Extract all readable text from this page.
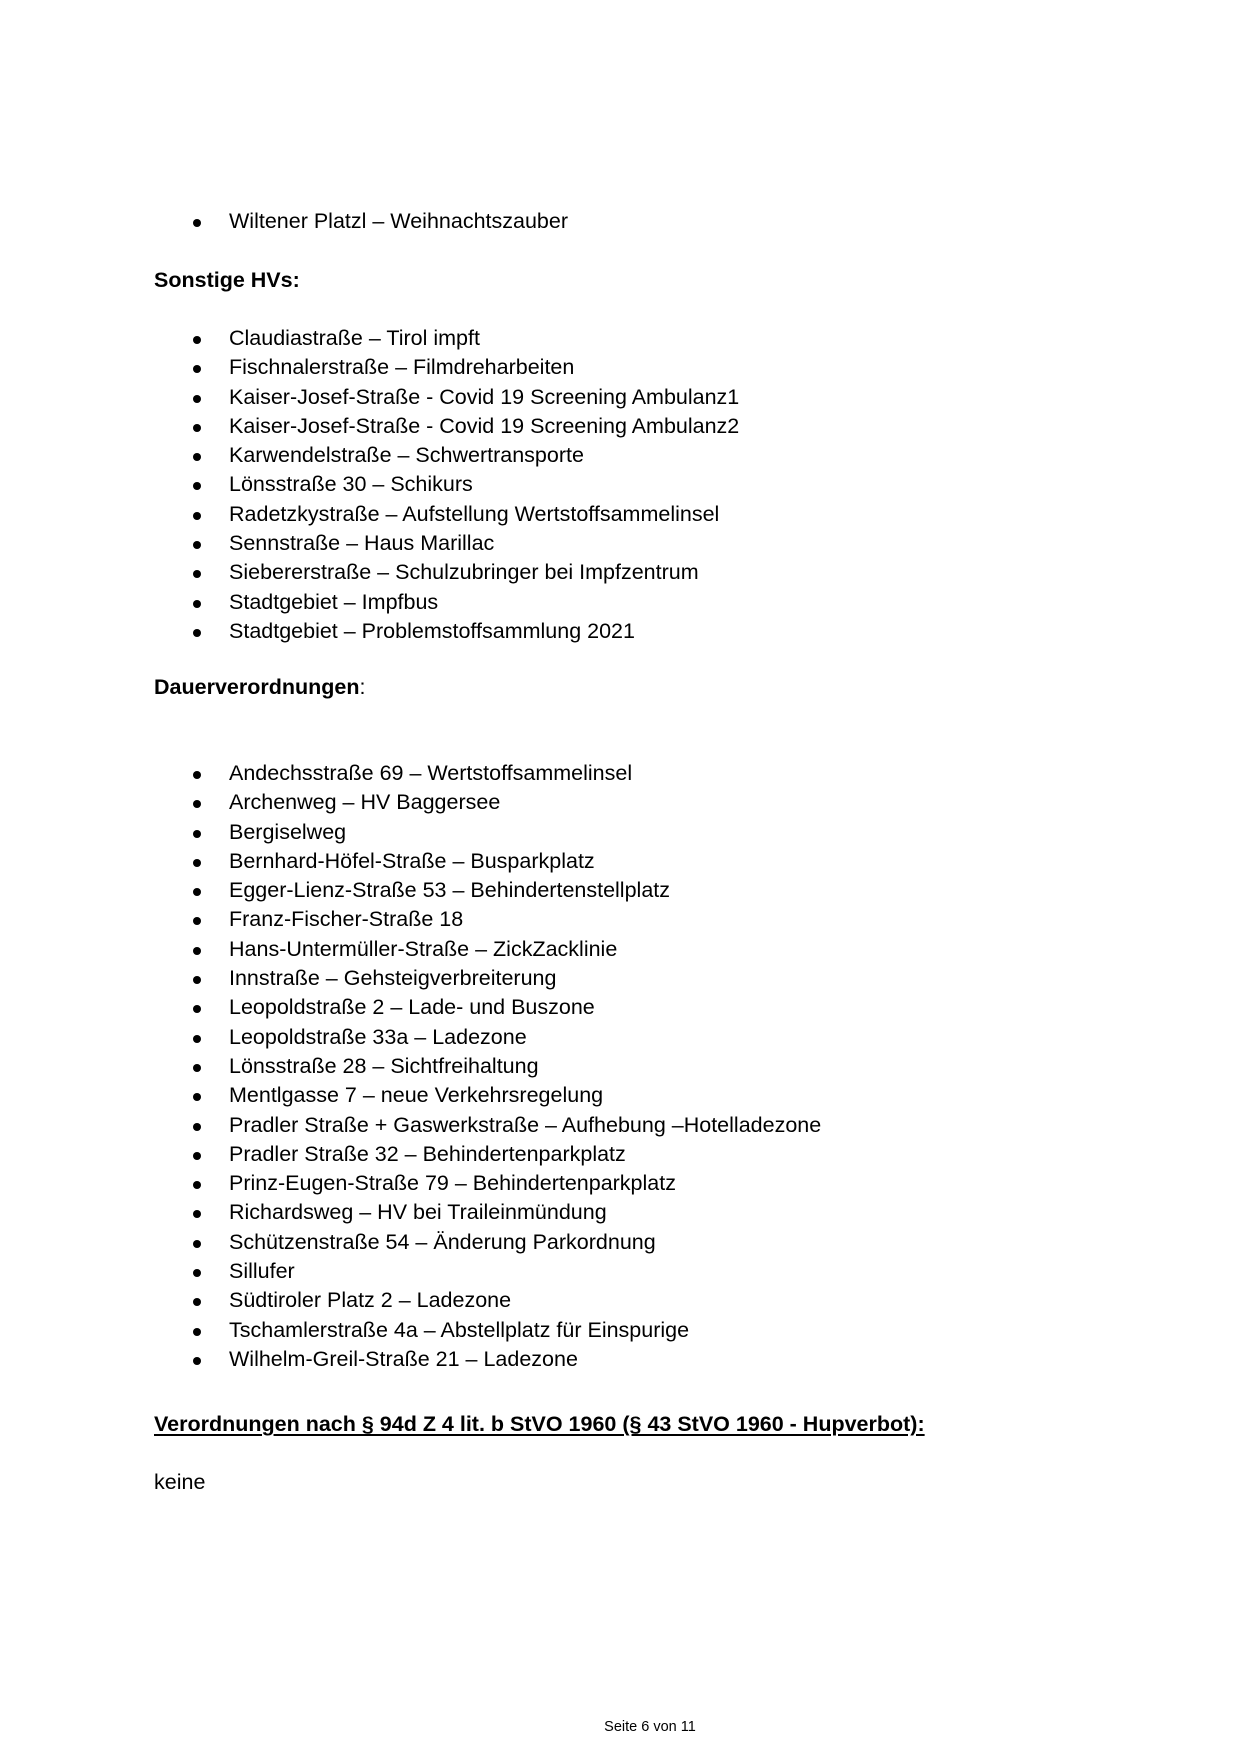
Wiltener Platzl – Weihnachtszauber
Sonstige HVs:
Claudiastraße – Tirol impft
Fischnalerstraße – Filmdreharbeiten
Kaiser-Josef-Straße - Covid 19 Screening Ambulanz1
Kaiser-Josef-Straße - Covid 19 Screening Ambulanz2
Karwendelstraße – Schwertransporte
Lönsstraße 30 – Schikurs
Radetzkystraße – Aufstellung Wertstoffsammelinsel
Sennstraße – Haus Marillac
Siebererstraße – Schulzubringer bei Impfzentrum
Stadtgebiet – Impfbus
Stadtgebiet – Problemstoffsammlung 2021
Dauerverordnungen:
Andechsstraße 69 – Wertstoffsammelinsel
Archenweg – HV Baggersee
Bergiselweg
Bernhard-Höfel-Straße – Busparkplatz
Egger-Lienz-Straße 53 – Behindertenstellplatz
Franz-Fischer-Straße 18
Hans-Untermüller-Straße – ZickZacklinie
Innstraße – Gehsteigverbreiterung
Leopoldstraße 2 – Lade- und Buszone
Leopoldstraße 33a – Ladezone
Lönsstraße 28 – Sichtfreihaltung
Mentlgasse 7 – neue Verkehrsregelung
Pradler Straße + Gaswerkstraße – Aufhebung –Hotelladezone
Pradler Straße 32 – Behindertenparkplatz
Prinz-Eugen-Straße 79 – Behindertenparkplatz
Richardsweg – HV bei Traileinmündung
Schützenstraße 54 – Änderung Parkordnung
Sillufer
Südtiroler Platz 2 – Ladezone
Tschamlerstraße 4a – Abstellplatz für Einspurige
Wilhelm-Greil-Straße 21 – Ladezone
Verordnungen nach § 94d Z 4 lit. b StVO 1960 (§ 43 StVO 1960 - Hupverbot):
keine
Seite 6 von 11
